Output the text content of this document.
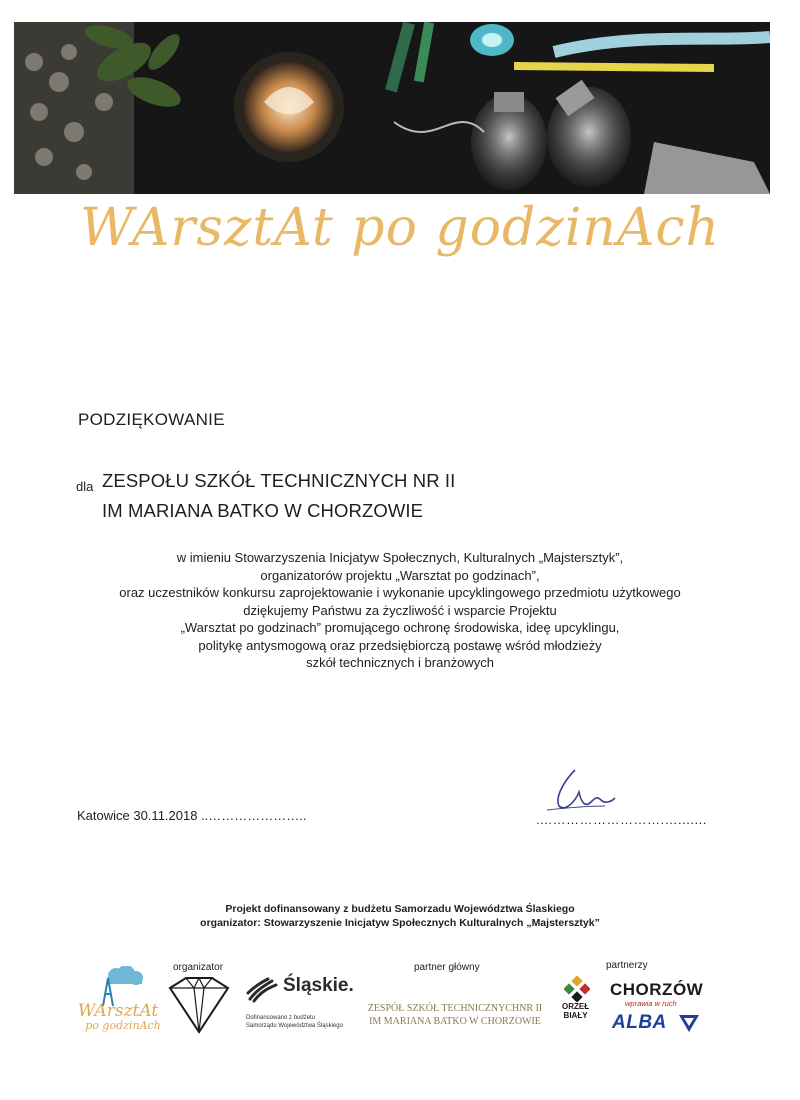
WArsztAt po godzinAch
PODZIĘKOWANIE
dla ZESPOŁU SZKÓŁ TECHNICZNYCH NR II
IM MARIANA BATKO W CHORZOWIE
w imieniu Stowarzyszenia Inicjatyw Społecznych, Kulturalnych „Majstersztyk”,
organizatorów projektu „Warsztat po godzinach”,
oraz uczestników konkursu zaprojektowanie i wykonanie upcyklingowego przedmiotu użytkowego
dziękujemy Państwu za życzliwość i wsparcie Projektu
„Warsztat po godzinach” promującego ochronę środowiska, ideę upcyklingu,
politykę antysmogową oraz przedsiębiorczą postawę wśród młodzieży
szkół technicznych i branżowych
Katowice 30.11.2018 ..…………………..	....…………………….….......
Projekt dofinansowany z budżetu Samorzadu Województwa Ślaskiego
organizator: Stowarzyszenie Inicjatyw Społecznych Kulturalnych „Majstersztyk”
organizator	partner główny	partnerzy
WArsztAt
po godzinAch
Śląskie.
Dofinansowano z budżetu
Samorządu Województwa Śląskiego
ZESPÓŁ SZKÓŁ TECHNICZNYCHNR II
IM MARIANA BATKO W CHORZOWIE
ORZEŁ
BIAŁY
CHORZÓW
wprawia w ruch
ALBA
